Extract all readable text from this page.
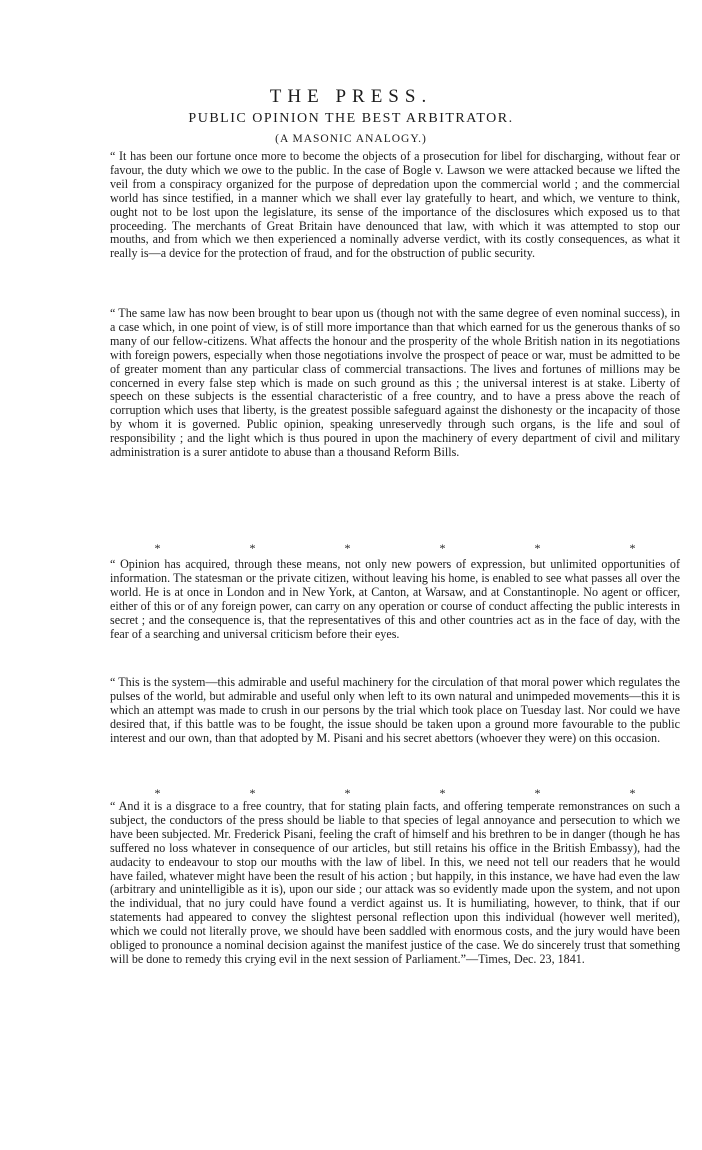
THE PRESS.
PUBLIC OPINION THE BEST ARBITRATOR.
(A MASONIC ANALOGY.)

“ It has been our fortune once more to become the objects of a prosecution for libel for discharging, without fear or favour, the duty which we owe to the public. In the case of Bogle v. Lawson we were attacked because we lifted the veil from a conspiracy organized for the purpose of depredation upon the commercial world ; and the commercial world has since testified, in a manner which we shall ever lay gratefully to heart, and which, we venture to think, ought not to be lost upon the legislature, its sense of the importance of the disclosures which exposed us to that proceeding. The merchants of Great Britain have denounced that law, with which it was attempted to stop our mouths, and from which we then experienced a nominally adverse verdict, with its costly consequences, as what it really is—a device for the protection of fraud, and for the obstruction of public security.

“ The same law has now been brought to bear upon us (though not with the same degree of even nominal success), in a case which, in one point of view, is of still more importance than that which earned for us the generous thanks of so many of our fellow-citizens. What affects the honour and the prosperity of the whole British nation in its negotiations with foreign powers, especially when those negotiations involve the prospect of peace or war, must be admitted to be of greater moment than any particular class of commercial transactions. The lives and fortunes of millions may be concerned in every false step which is made on such ground as this ; the universal interest is at stake. Liberty of speech on these subjects is the essential characteristic of a free country, and to have a press above the reach of corruption which uses that liberty, is the greatest possible safeguard against the dishonesty or the incapacity of those by whom it is governed. Public opinion, speaking unreservedly through such organs, is the life and soul of responsibility ; and the light which is thus poured in upon the machinery of every department of civil and military administration is a surer antidote to abuse than a thousand Reform Bills.

*	*	*	*	*	*

“ Opinion has acquired, through these means, not only new powers of expression, but unlimited opportunities of information. The statesman or the private citizen, without leaving his home, is enabled to see what passes all over the world. He is at once in London and in New York, at Canton, at Warsaw, and at Constantinople. No agent or officer, either of this or of any foreign power, can carry on any operation or course of conduct affecting the public interests in secret ; and the consequence is, that the representatives of this and other countries act as in the face of day, with the fear of a searching and universal criticism before their eyes.

“ This is the system—this admirable and useful machinery for the circulation of that moral power which regulates the pulses of the world, but admirable and useful only when left to its own natural and unimpeded movements—this it is which an attempt was made to crush in our persons by the trial which took place on Tuesday last. Nor could we have desired that, if this battle was to be fought, the issue should be taken upon a ground more favourable to the public interest and our own, than that adopted by M. Pisani and his secret abettors (whoever they were) on this occasion.

*	*	*	*	*	*

“ And it is a disgrace to a free country, that for stating plain facts, and offering temperate remonstrances on such a subject, the conductors of the press should be liable to that species of legal annoyance and persecution to which we have been subjected. Mr. Frederick Pisani, feeling the craft of himself and his brethren to be in danger (though he has suffered no loss whatever in consequence of our articles, but still retains his office in the British Embassy), had the audacity to endeavour to stop our mouths with the law of libel. In this, we need not tell our readers that he would have failed, whatever might have been the result of his action ; but happily, in this instance, we have had even the law (arbitrary and unintelligible as it is), upon our side ; our attack was so evidently made upon the system, and not upon the individual, that no jury could have found a verdict against us. It is humiliating, however, to think, that if our statements had appeared to convey the slightest personal reflection upon this individual (however well merited), which we could not literally prove, we should have been saddled with enormous costs, and the jury would have been obliged to pronounce a nominal decision against the manifest justice of the case. We do sincerely trust that something will be done to remedy this crying evil in the next session of Parliament.”—Times, Dec. 23, 1841.
